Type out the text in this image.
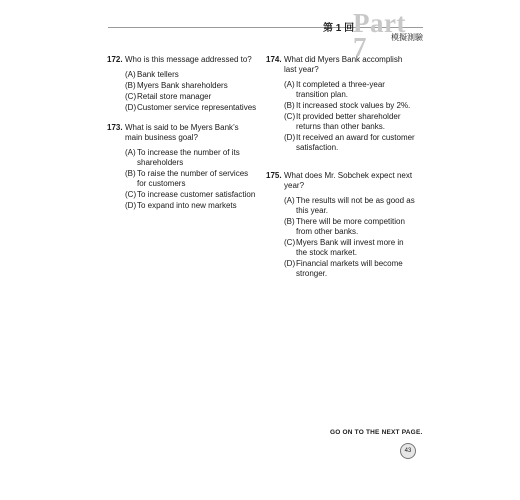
第 1 回
Part 7	模擬測驗
172. Who is this message addressed to?
(A) Bank tellers
(B) Myers Bank shareholders
(C) Retail store manager
(D) Customer service representatives
173. What is said to be Myers Bank’s main business goal?
(A) To increase the number of its shareholders
(B) To raise the number of services for customers
(C) To increase customer satisfaction
(D) To expand into new markets
174. What did Myers Bank accomplish last year?
(A) It completed a three-year transition plan.
(B) It increased stock values by 2%.
(C) It provided better shareholder returns than other banks.
(D) It received an award for customer satisfaction.
175. What does Mr. Sobchek expect next year?
(A) The results will not be as good as this year.
(B) There will be more competition from other banks.
(C) Myers Bank will invest more in the stock market.
(D) Financial markets will become stronger.
GO ON TO THE NEXT PAGE.
43
